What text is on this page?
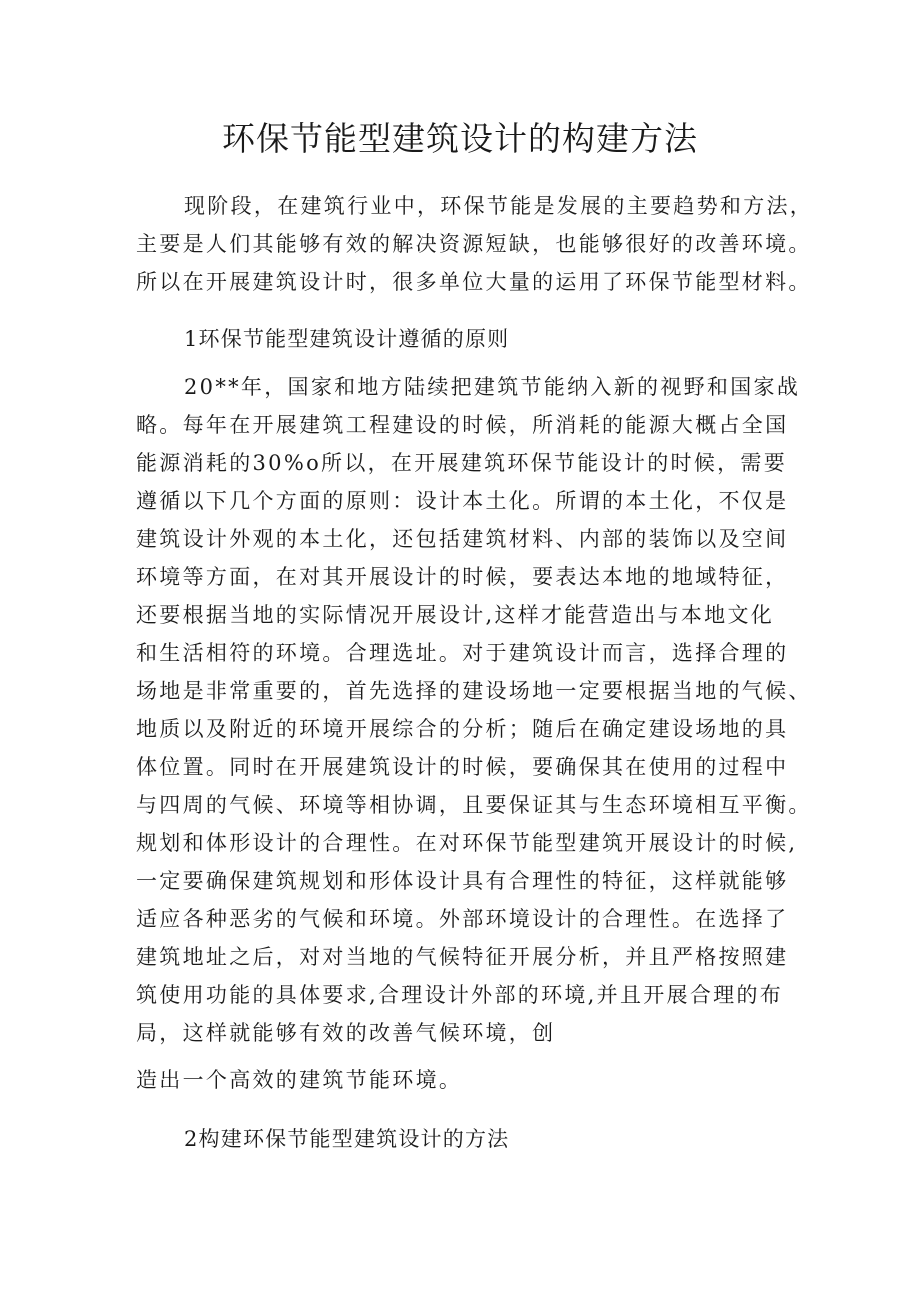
环保节能型建筑设计的构建方法

现阶段，在建筑行业中，环保节能是发展的主要趋势和方法，

主要是人们其能够有效的解决资源短缺，也能够很好的改善环境。

所以在开展建筑设计时，很多单位大量的运用了环保节能型材料。

1环保节能型建筑设计遵循的原则

20**年，国家和地方陆续把建筑节能纳入新的视野和国家战

略。每年在开展建筑工程建设的时候，所消耗的能源大概占全国

能源消耗的30%o所以，在开展建筑环保节能设计的时候，需要

遵循以下几个方面的原则：设计本土化。所谓的本土化，不仅是

建筑设计外观的本土化，还包括建筑材料、内部的装饰以及空间

环境等方面，在对其开展设计的时候，要表达本地的地域特征，

还要根据当地的实际情况开展设计,这样才能营造出与本地文化

和生活相符的环境。合理选址。对于建筑设计而言，选择合理的

场地是非常重要的，首先选择的建设场地一定要根据当地的气候、

地质以及附近的环境开展综合的分析；随后在确定建设场地的具

体位置。同时在开展建筑设计的时候，要确保其在使用的过程中

与四周的气候、环境等相协调，且要保证其与生态环境相互平衡。

规划和体形设计的合理性。在对环保节能型建筑开展设计的时候,

一定要确保建筑规划和形体设计具有合理性的特征，这样就能够

适应各种恶劣的气候和环境。外部环境设计的合理性。在选择了

建筑地址之后，对对当地的气候特征开展分析，并且严格按照建

筑使用功能的具体要求,合理设计外部的环境,并且开展合理的布

局，这样就能够有效的改善气候环境，创

造出一个高效的建筑节能环境。

2构建环保节能型建筑设计的方法
